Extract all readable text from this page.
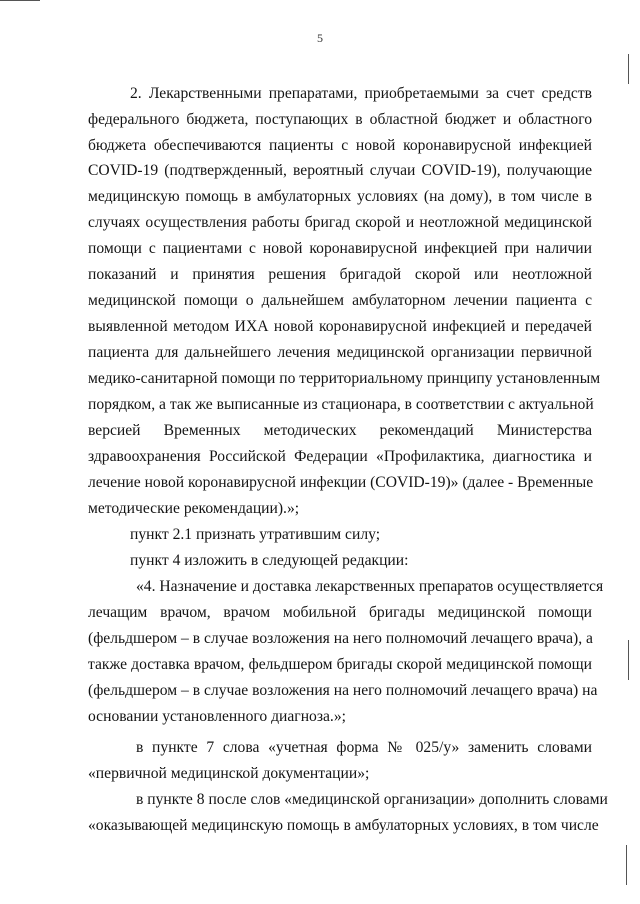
5

2. Лекарственными препаратами, приобретаемыми за счет средств

федерального бюджета, поступающих в областной бюджет и областного

бюджета обеспечиваются пациенты с новой коронавирусной инфекцией

COVID-19 (подтвержденный, вероятный случаи COVID-19), получающие

медицинскую помощь в амбулаторных условиях (на дому), в том числе в

случаях осуществления работы бригад скорой и неотложной медицинской

помощи с пациентами с новой коронавирусной инфекцией при наличии

показаний и принятия решения бригадой скорой или неотложной

медицинской помощи о дальнейшем амбулаторном лечении пациента с

выявленной методом ИХА новой коронавирусной инфекцией и передачей

пациента для дальнейшего лечения медицинской организации первичной

медико-санитарной помощи по территориальному принципу установленным

порядком, а так же выписанные из стационара, в соответствии с актуальной

версией Временных методических рекомендаций Министерства

здравоохранения Российской Федерации «Профилактика, диагностика и

лечение новой коронавирусной инфекции (COVID-19)» (далее - Временные

методические рекомендации).»;

пункт 2.1 признать утратившим силу;

пункт 4 изложить в следующей редакции:

«4. Назначение и доставка лекарственных препаратов осуществляется

лечащим врачом, врачом мобильной бригады медицинской помощи

(фельдшером – в случае возложения на него полномочий лечащего врача), а

также доставка врачом, фельдшером бригады скорой медицинской помощи

(фельдшером – в случае возложения на него полномочий лечащего врача) на

основании установленного диагноза.»;

в пункте 7 слова «учетная форма № 025/у» заменить словами

«первичной медицинской документации»;

в пункте 8 после слов «медицинской организации» дополнить словами

«оказывающей медицинскую помощь в амбулаторных условиях, в том числе
